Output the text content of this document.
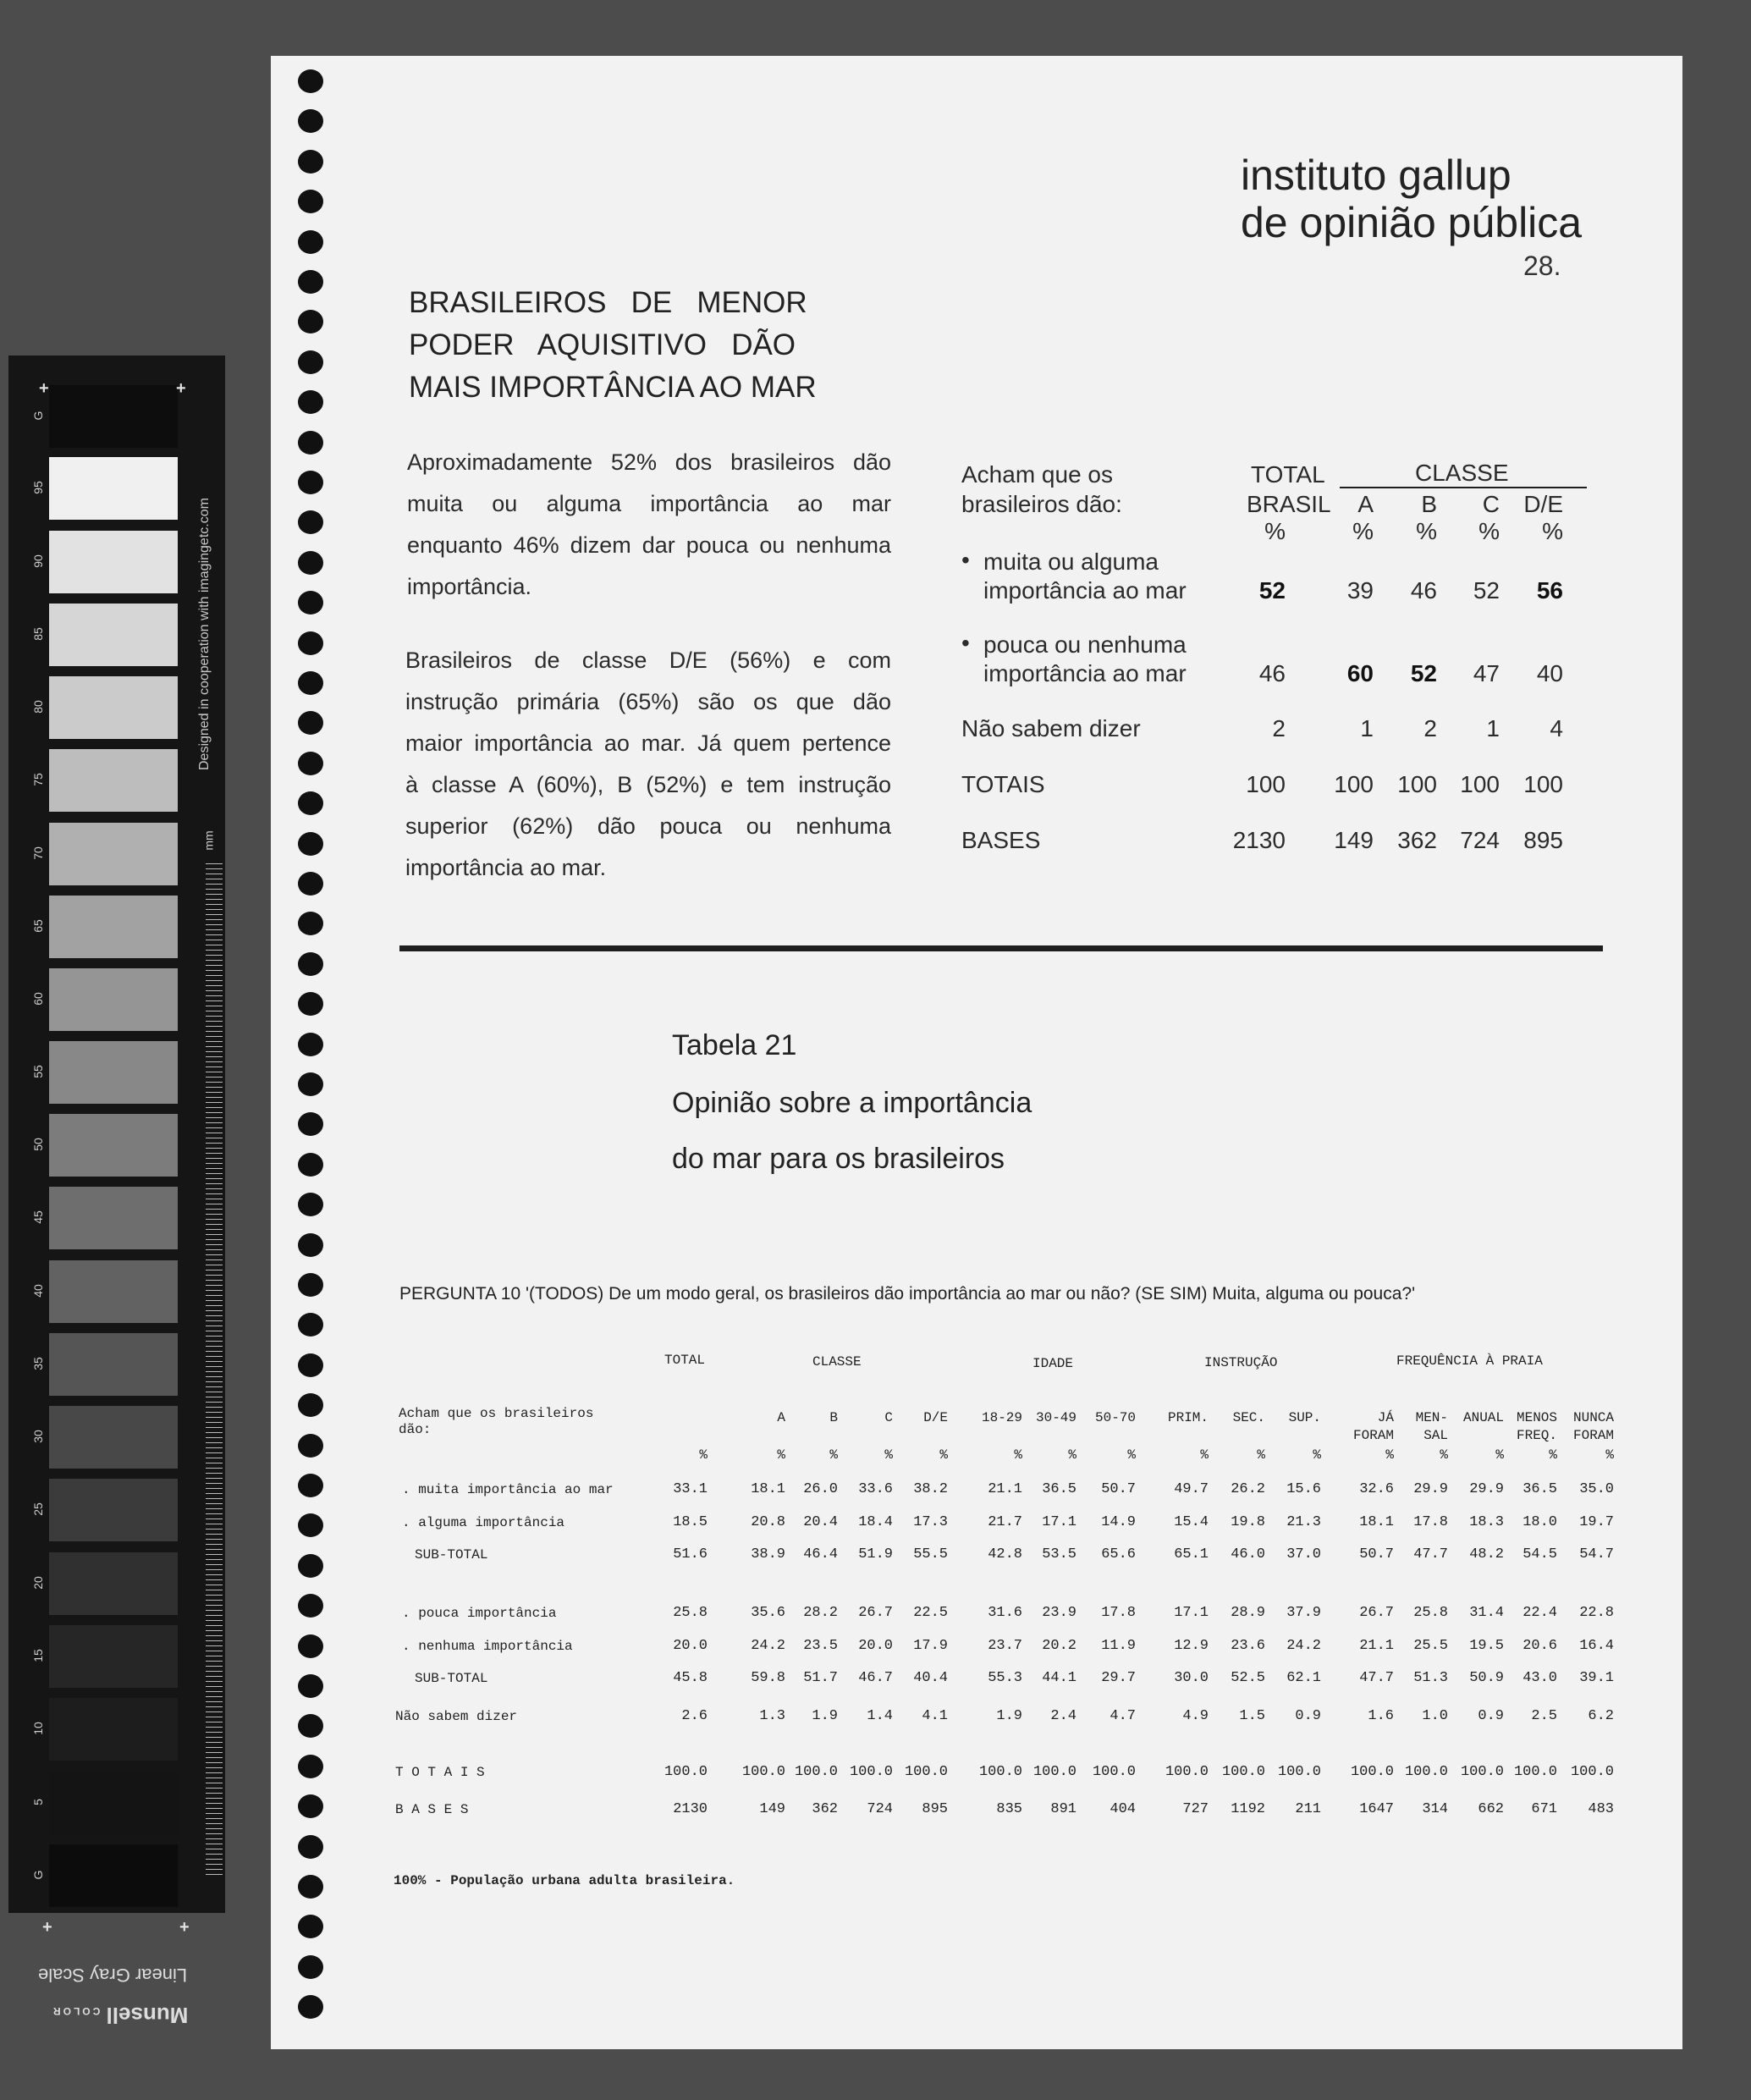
G
95
90
85
80
75
70
65
60
55
50
45
40
35
30
25
20
15
10
5
G
+	+
+	+
Designed in cooperation with imagingetc.com
mm
Linear Gray Scale
Munsell COLOR
instituto gallup
de opinião pública
28.
BRASILEIROS   DE   MENOR
PODER   AQUISITIVO   DÃO
MAIS IMPORTÂNCIA AO MAR
Aproximadamente 52% dos brasileiros dão
muita ou alguma importância ao mar
enquanto 46% dizem dar pouca ou nenhuma
importância.
Brasileiros de classe D/E (56%) e com
instrução primária (65%) são os que dão
maior importância ao mar. Já quem pertence
à classe A (60%), B (52%) e tem instrução
superior (62%) dão pouca ou nenhuma
importância ao mar.
Acham que os
brasileiros dão:
TOTAL
BRASIL
CLASSE
A	B	C	D/E
%	%	%	%	%
• muita ou alguma
importância ao mar	52	39	46	52	56
• pouca ou nenhuma
importância ao mar	46	60	52	47	40
Não sabem dizer	2	1	2	1	4
TOTAIS	100	100	100 100	100
BASES	2130	149	362 724	895
Tabela 21
Opinião sobre a importância
do mar para os brasileiros
PERGUNTA 10 '(TODOS) De um modo geral, os brasileiros dão importância ao mar ou não? (SE SIM) Muita, alguma ou pouca?'
TOTAL	CLASSE	IDADE	INSTRUÇÃO	FREQUÊNCIA À PRAIA
Acham que os brasileiros
dão:
A	B	C	D/E	18-29 30-49	50-70	PRIM.	SEC.	SUP.	JÁ	MEN-	ANUAL MENOS	NUNCA
FORAM	SAL	FREQ.	FORAM
%	%	%	%	%	%	%	%	%	%	%	%	%	%	%	%
. muita importância ao mar	33.1	18.1	26.0	33.6	38.2	21.1	36.5	50.7	49.7	26.2	15.6	32.6	29.9	29.9	36.5	35.0
. alguma importância	18.5	20.8	20.4	18.4	17.3	21.7	17.1	14.9	15.4	19.8	21.3	18.1	17.8	18.3	18.0	19.7
SUB-TOTAL	51.6	38.9	46.4	51.9	55.5	42.8	53.5	65.6	65.1	46.0	37.0	50.7	47.7	48.2	54.5	54.7
. pouca importância	25.8	35.6	28.2	26.7	22.5	31.6	23.9	17.8	17.1	28.9	37.9	26.7	25.8	31.4	22.4	22.8
. nenhuma importância	20.0	24.2	23.5	20.0	17.9	23.7	20.2	11.9	12.9	23.6	24.2	21.1	25.5	19.5	20.6	16.4
SUB-TOTAL	45.8	59.8	51.7	46.7	40.4	55.3	44.1	29.7	30.0	52.5	62.1	47.7	51.3	50.9	43.0	39.1
Não sabem dizer	2.6	1.3	1.9	1.4	4.1	1.9	2.4	4.7	4.9	1.5	0.9	1.6	1.0	0.9	2.5	6.2
T O T A I S	100.0	100.0 100.0 100.0 100.0	100.0 100.0	100.0	100.0 100.0 100.0	100.0 100.0 100.0 100.0 100.0
B A S E S	2130	149	362	724	895	835	891	404	727	1192	211	1647	314	662	671	483
100% - População urbana adulta brasileira.
